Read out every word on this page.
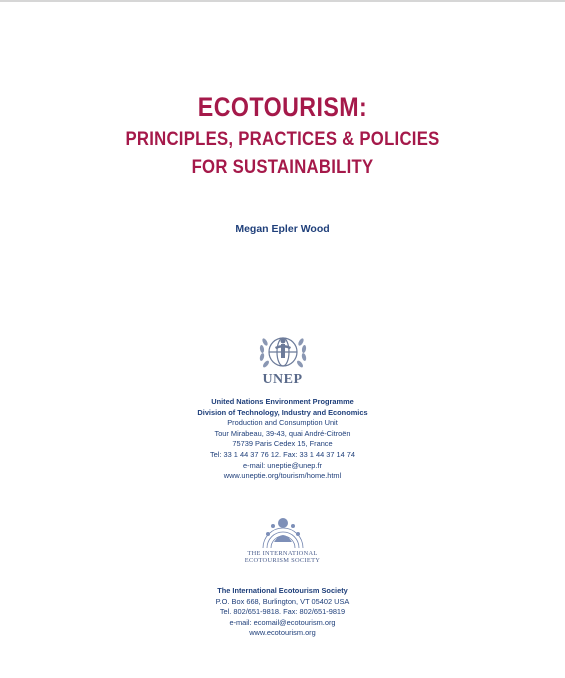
ECOTOURISM:
PRINCIPLES, PRACTICES & POLICIES
FOR SUSTAINABILITY
Megan Epler Wood
UNEP
United Nations Environment Programme
Division of Technology, Industry and Economics
Production and Consumption Unit
Tour Mirabeau, 39-43, quai André-Citroën
75739 Paris Cedex 15, France
Tel: 33 1 44 37 76 12. Fax: 33 1 44 37 14 74
e-mail: uneptie@unep.fr
www.uneptie.org/tourism/home.html
THE INTERNATIONAL
ECOTOURISM SOCIETY
The International Ecotourism Society
P.O. Box 668, Burlington, VT 05402 USA
Tel. 802/651-9818. Fax: 802/651-9819
e-mail: ecomail@ecotourism.org
www.ecotourism.org
